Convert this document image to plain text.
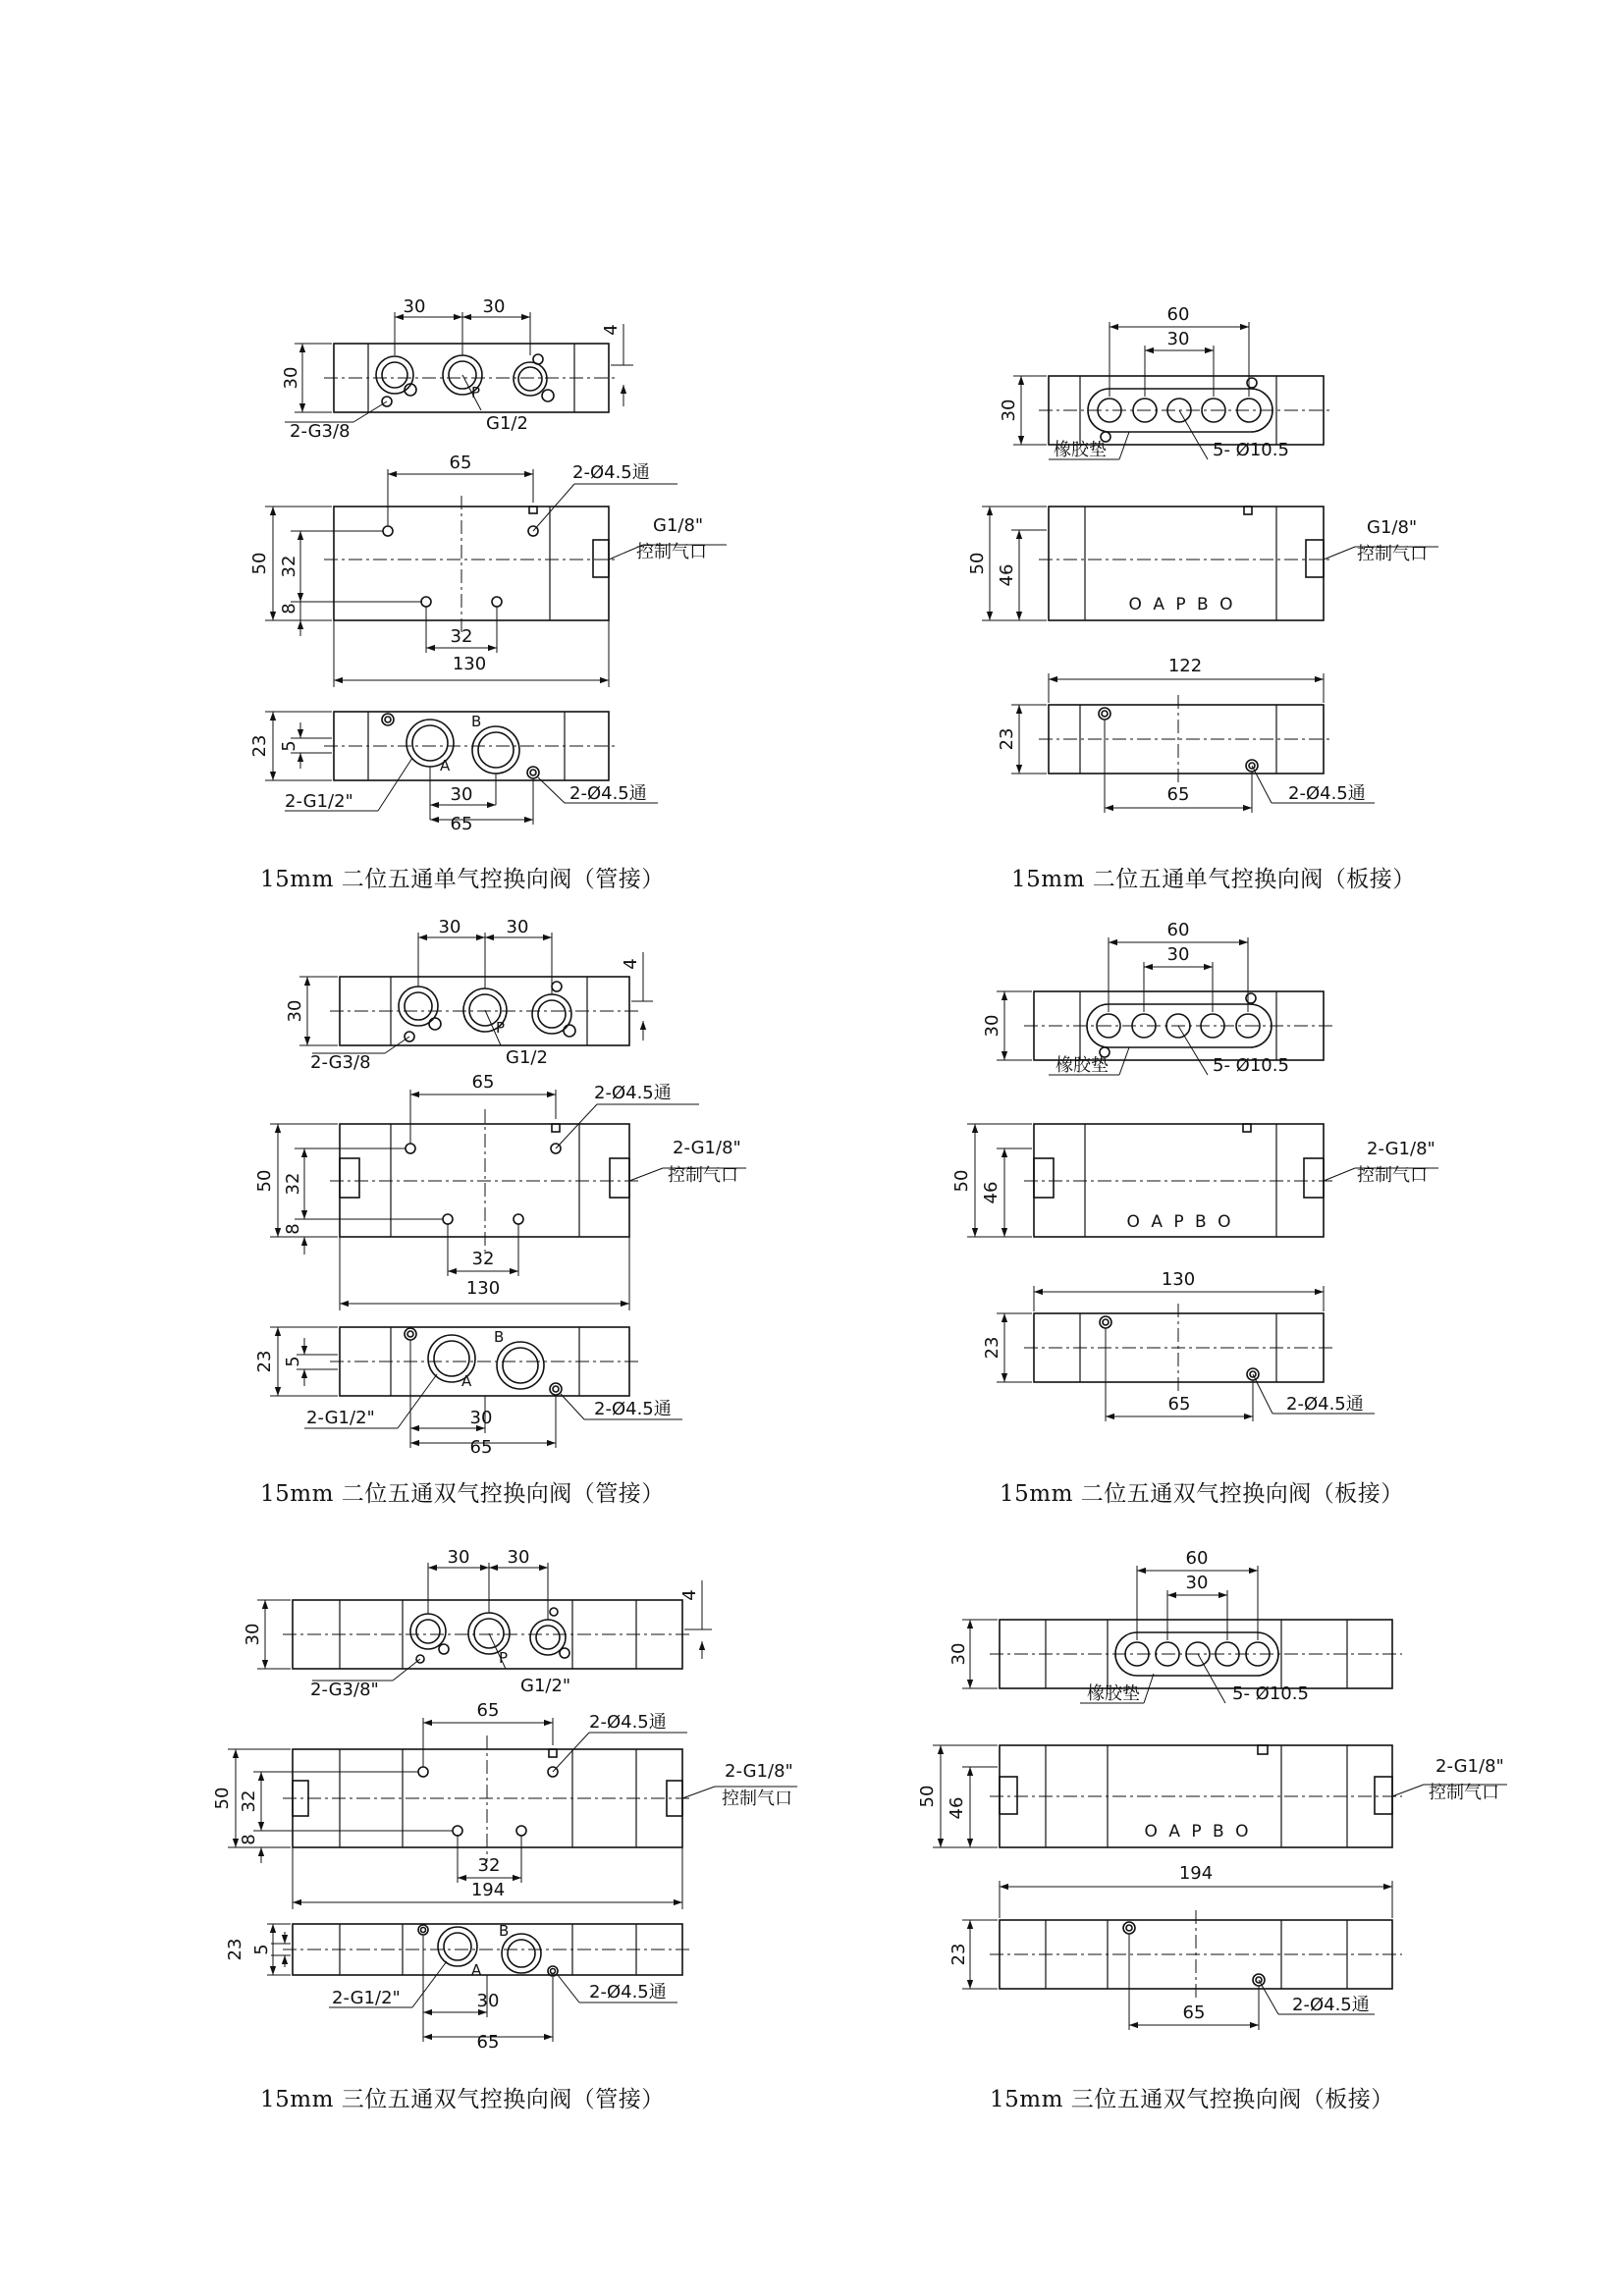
30	30
30
4
2-G3/8	G1/2
P
65	2-Ø4.5通
G1/8"
控制气口
50 32
8
32
130
23 5
B
A
2-G1/2"	30
65
2-Ø4.5通
60
30
30
橡胶垫	5- Ø10.5
G1/8"
控制气口
50
46
O A P B O
122
23
65	2-Ø4.5通
30	30
30
4
2-G3/8	G1/2
P
65
2-Ø4.5通
2-G1/8"
控制气口
50 32
8
32
130
23 5
B
A
2-G1/2"	30
65
2-Ø4.5通
60
30
30
橡胶垫	5- Ø10.5
2-G1/8"
控制气口
50
46
O A P B O
130
23
65	2-Ø4.5通
30 30
30
4
2-G3/8"	G1/2"
P
65
2-Ø4.5通
2-G1/8"
控制气口
50 32
8
32
194
23 5
B
A
2-G1/2"	30
65
2-Ø4.5通
60
30
30
橡胶垫	5- Ø10.5
2-G1/8"
控制气口
50
46
O A P B O
194
23
65	2-Ø4.5通
15mm 二位五通单气控换向阀（管接）	15mm 二位五通单气控换向阀（板接）
15mm 二位五通双气控换向阀（管接）	15mm 二位五通双气控换向阀（板接）
15mm 三位五通双气控换向阀（管接）	15mm 三位五通双气控换向阀（板接）
